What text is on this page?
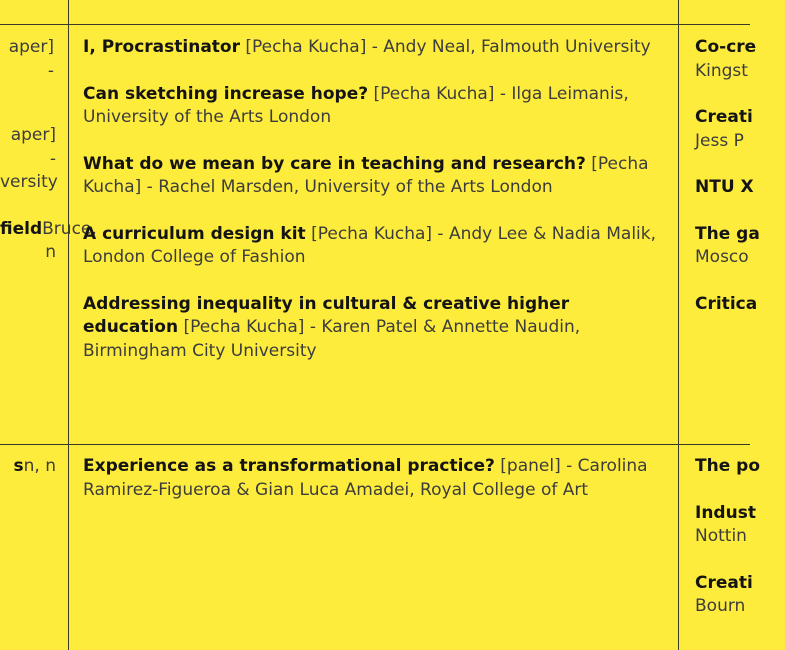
aper] -
aper] - versity
fieldBruce, n
sn, n
I, Procrastinator [Pecha Kucha] - Andy Neal, Falmouth University
Can sketching increase hope? [Pecha Kucha] - Ilga Leimanis, University of the Arts London
What do we mean by care in teaching and research? [Pecha Kucha] - Rachel Marsden, University of the Arts London
A curriculum design kit [Pecha Kucha] - Andy Lee & Nadia Malik, London College of Fashion
Addressing inequality in cultural & creative higher education [Pecha Kucha] - Karen Patel & Annette Naudin, Birmingham City University
Experience as a transformational practice? [panel] - Carolina Ramirez-Figueroa & Gian Luca Amadei, Royal College of Art
Co-cre Kingst
Creati Jess P
NTU X
The ga Mosco
Critica
The po
Indust Nottin
Creati Bourn
